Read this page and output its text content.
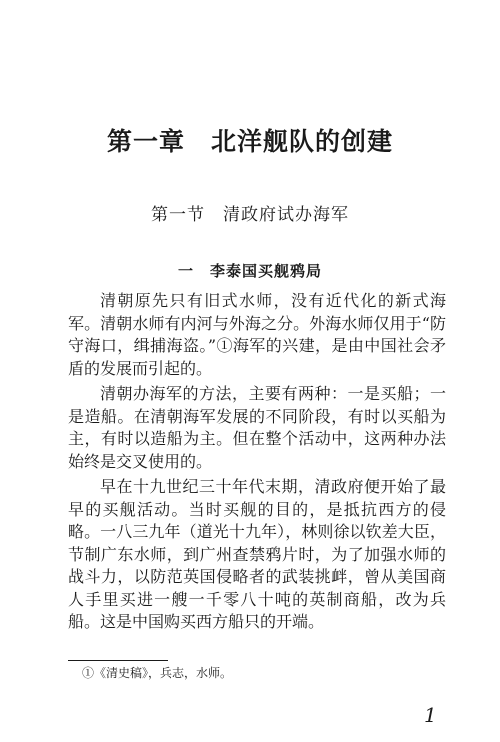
第一章　北洋舰队的创建
第一节　清政府试办海军
一　李泰国买舰鸦局

清朝原先只有旧式水师，没有近代化的新式海军。清朝水师有内河与外海之分。外海水师仅用于“防守海口，缉捕海盗。”①海军的兴建，是由中国社会矛盾的发展而引起的。

清朝办海军的方法，主要有两种：一是买船；一是造船。在清朝海军发展的不同阶段，有时以买船为主，有时以造船为主。但在整个活动中，这两种办法始终是交叉使用的。

早在十九世纪三十年代末期，清政府便开始了最早的买舰活动。当时买舰的目的，是抵抗西方的侵略。一八三九年（道光十九年），林则徐以钦差大臣，节制广东水师，到广州查禁鸦片时，为了加强水师的战斗力，以防范英国侵略者的武装挑衅，曾从美国商人手里买进一艘一千零八十吨的英制商船，改为兵船。这是中国购买西方船只的开端。

①《清史稿》，兵志，水师。
1
